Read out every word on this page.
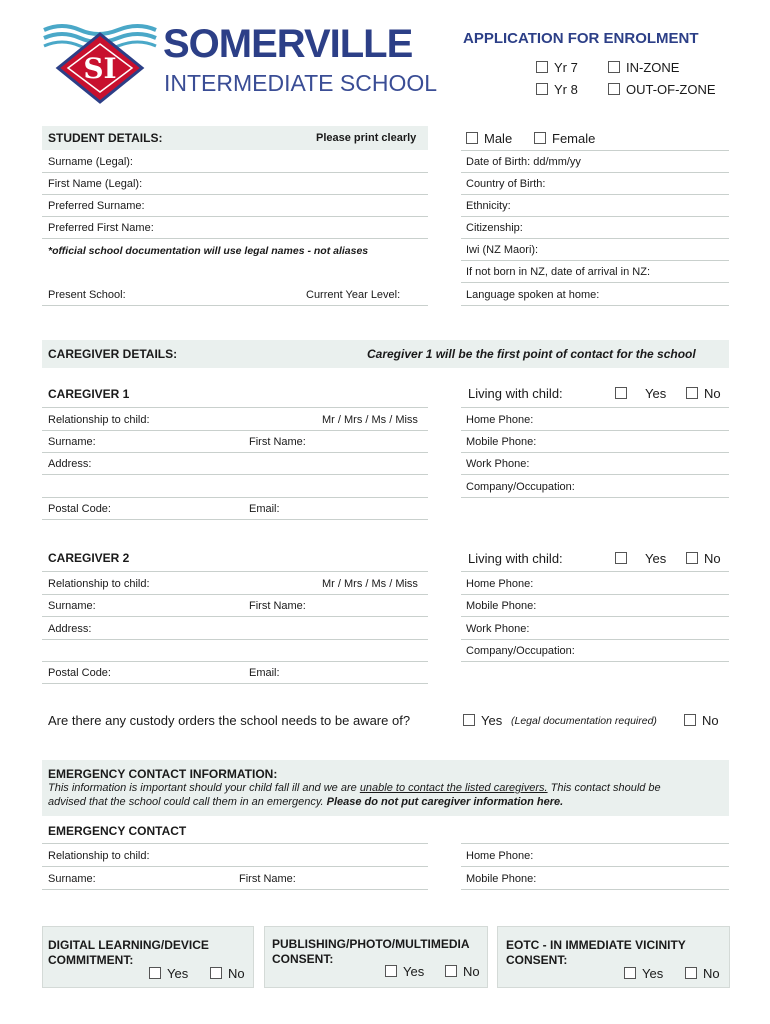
SI
SOMERVILLE
INTERMEDIATE SCHOOL
APPLICATION FOR ENROLMENT
Yr 7
Yr 8
IN-ZONE
OUT-OF-ZONE
STUDENT DETAILS:	Please print clearly	Male	Female
Surname (Legal):
First Name (Legal):
Preferred Surname:
Preferred First Name:
*official school documentation will use legal names - not aliases
Present School:	Current Year Level:
Date of Birth: dd/mm/yy
Country of Birth:
Ethnicity:
Citizenship:
Iwi (NZ Maori):
If not born in NZ, date of arrival in NZ:
Language spoken at home:
CAREGIVER DETAILS:	Caregiver 1 will be the first point of contact for the school
CAREGIVER 1	Living with child:	Yes	No
Relationship to child:	Mr / Mrs / Ms / Miss
Surname:	First Name:
Address:
Postal Code:	Email:
Home Phone:
Mobile Phone:
Work Phone:
Company/Occupation:
CAREGIVER 2	Living with child:	Yes	No
Relationship to child:	Mr / Mrs / Ms / Miss
Surname:	First Name:
Address:
Postal Code:	Email:
Home Phone:
Mobile Phone:
Work Phone:
Company/Occupation:
Are there any custody orders the school needs to be aware of?	Yes (Legal documentation required)	No
EMERGENCY CONTACT INFORMATION:
This information is important should your child fall ill and we are unable to contact the listed caregivers. This contact should be
advised that the school could call them in an emergency. Please do not put caregiver information here.
EMERGENCY CONTACT
Relationship to child:
Surname:	First Name:
Home Phone:
Mobile Phone:
DIGITAL LEARNING/DEVICE
COMMITMENT:
Yes	No
PUBLISHING/PHOTO/MULTIMEDIA
CONSENT:
Yes	No
EOTC - IN IMMEDIATE VICINITY
CONSENT:
Yes	No
